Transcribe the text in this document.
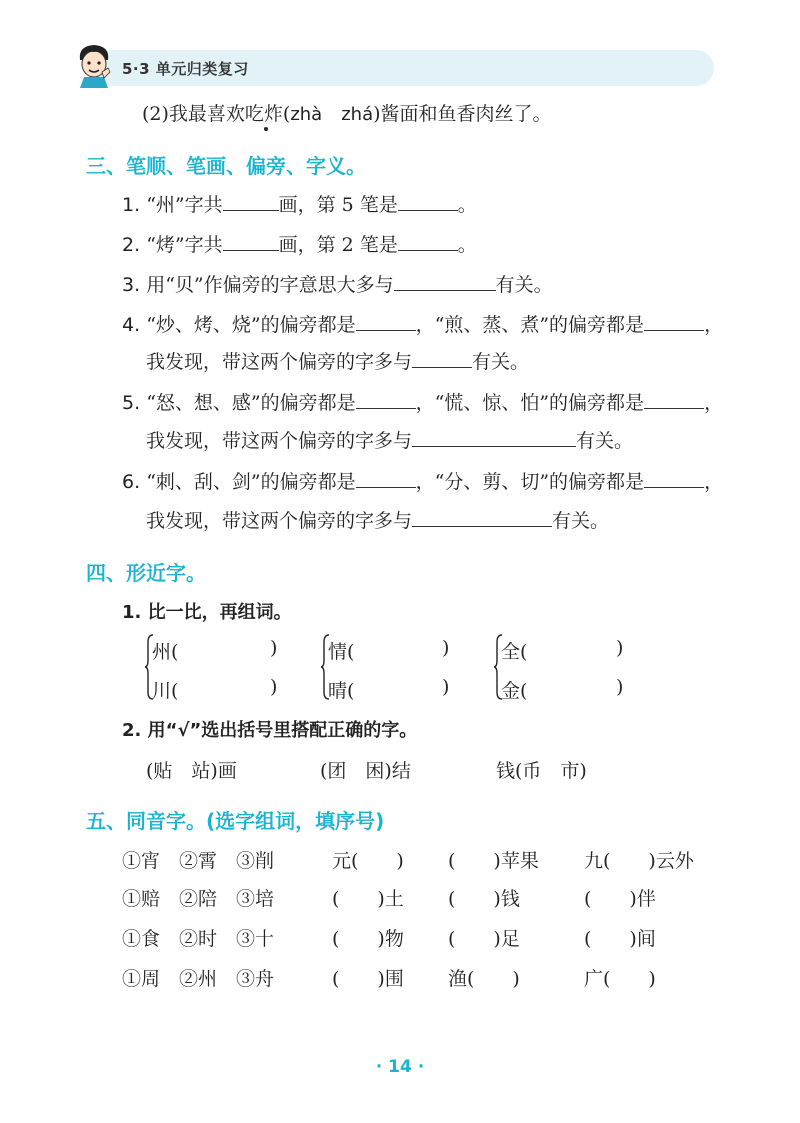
5·3 单元归类复习
(2)我最喜欢吃炸(zhà　 zhá)酱面和鱼香肉丝了。
三、笔顺、笔画、偏旁、字义。
1. “州”字共	画，第 5 笔是	。
2. “烤”字共	画，第 2 笔是	。
3. 用“贝”作偏旁的字意思大多与	有关。
4. “炒、烤、烧”的偏旁都是	，“煎、蒸、煮”的偏旁都是	，
我发现，带这两个偏旁的字多与	有关。
5. “怒、想、感”的偏旁都是	，“慌、惊、怕”的偏旁都是	，
我发现，带这两个偏旁的字多与	有关。
6. “刺、刮、剑”的偏旁都是	，“分、剪、切”的偏旁都是	，
我发现，带这两个偏旁的字多与	有关。
四、形近字。
1. 比一比，再组词。
州(	)
川(	)
情(	)
晴(	)
全(	)
金(	)
2. 用“√”选出括号里搭配正确的字。
(贴　站)画	(团　困)结	钱(币　市)
五、同音字。(选字组词，填序号)
①宵　②霄　③削	元(　　) (　　)苹果 九(　　)云外
①赔　②陪　③培	(　　)土 (　　)钱	(　　)伴
①食　②时　③十	(　　)物 (　　)足	(　　)间
①周　②州　③舟	(　　)围 渔(　　)	广(　　)
· 14 ·
